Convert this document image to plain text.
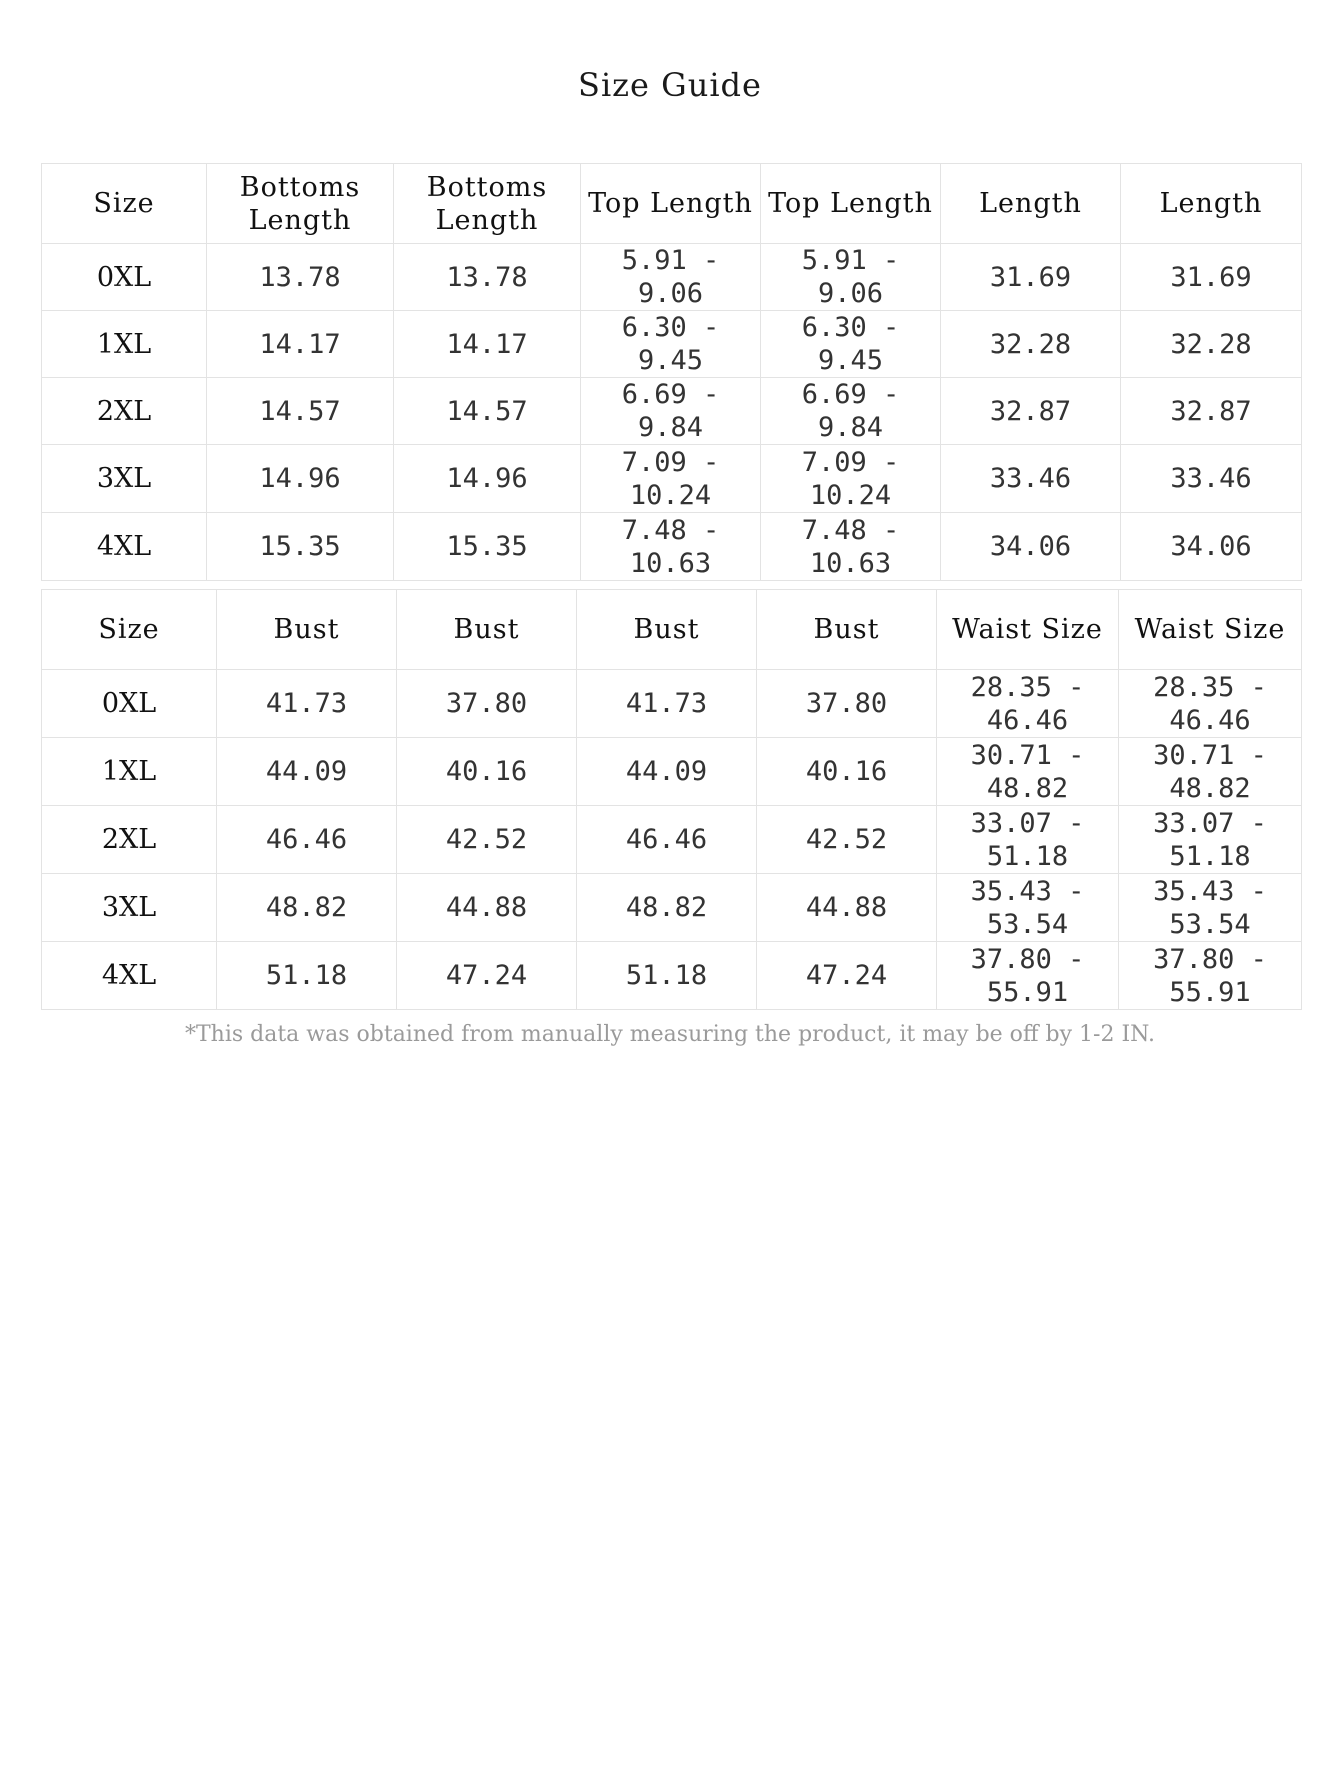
Size Guide
Size	Bottoms Length	Bottoms Length	Top Length	Top Length	Length	Length
0XL	13.78	13.78	5.91 - 9.06	5.91 - 9.06	31.69	31.69
1XL	14.17	14.17	6.30 - 9.45	6.30 - 9.45	32.28	32.28
2XL	14.57	14.57	6.69 - 9.84	6.69 - 9.84	32.87	32.87
3XL	14.96	14.96	7.09 - 10.24	7.09 - 10.24	33.46	33.46
4XL	15.35	15.35	7.48 - 10.63	7.48 - 10.63	34.06	34.06
Size	Bust	Bust	Bust	Bust	Waist Size	Waist Size
0XL	41.73	37.80	41.73	37.80	28.35 - 46.46	28.35 - 46.46
1XL	44.09	40.16	44.09	40.16	30.71 - 48.82	30.71 - 48.82
2XL	46.46	42.52	46.46	42.52	33.07 - 51.18	33.07 - 51.18
3XL	48.82	44.88	48.82	44.88	35.43 - 53.54	35.43 - 53.54
4XL	51.18	47.24	51.18	47.24	37.80 - 55.91	37.80 - 55.91
*This data was obtained from manually measuring the product, it may be off by 1-2 IN.
